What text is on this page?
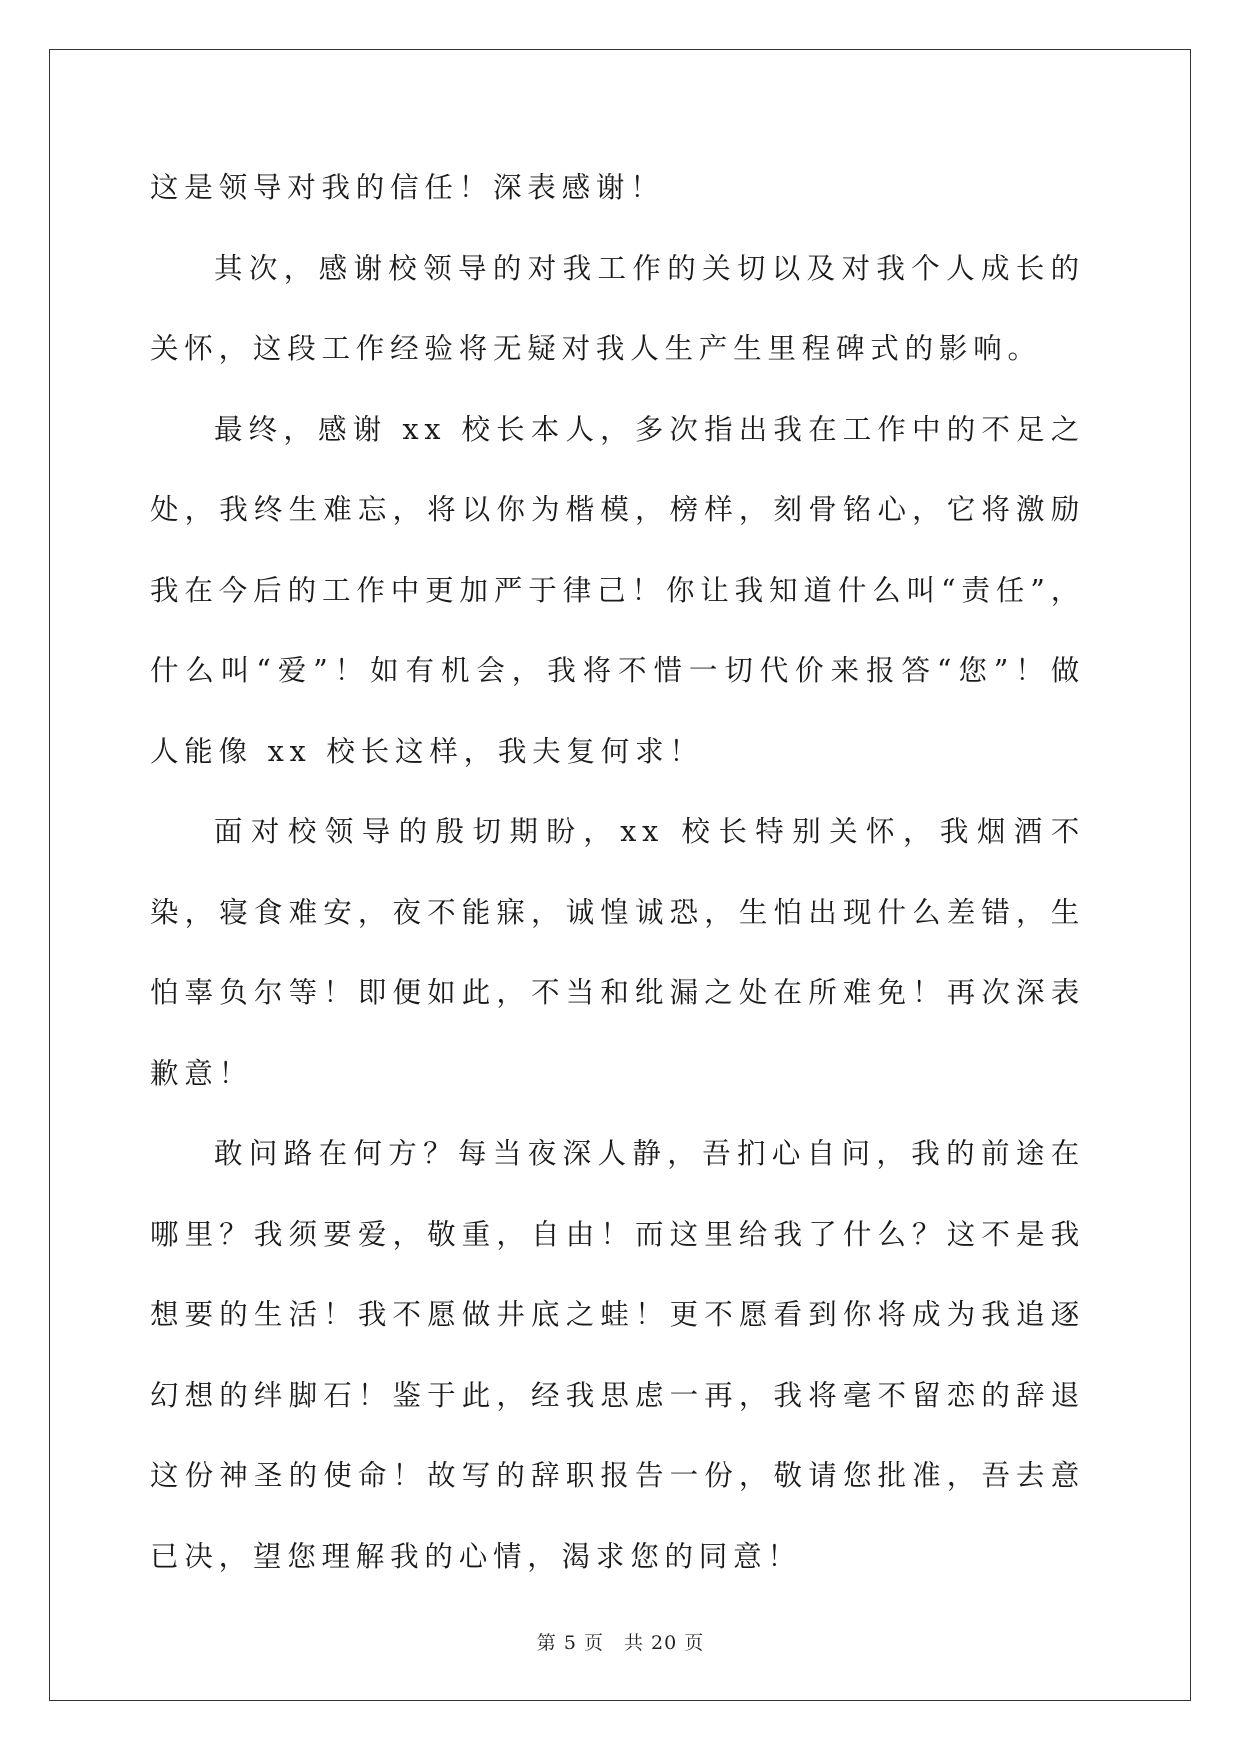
这是领导对我的信任！深表感谢！

其次，感谢校领导的对我工作的关切以及对我个人成长的关怀，这段工作经验将无疑对我人生产生里程碑式的影响。

最终，感谢 xx 校长本人，多次指出我在工作中的不足之处，我终生难忘，将以你为楷模，榜样，刻骨铭心，它将激励我在今后的工作中更加严于律己！你让我知道什么叫“责任”，什么叫“爱”！如有机会，我将不惜一切代价来报答“您”！做人能像 xx 校长这样，我夫复何求！

面对校领导的殷切期盼，xx 校长特别关怀，我烟酒不染，寝食难安，夜不能寐，诚惶诚恐，生怕出现什么差错，生怕辜负尔等！即便如此，不当和纰漏之处在所难免！再次深表歉意！

敢问路在何方？每当夜深人静，吾扪心自问，我的前途在哪里？我须要爱，敬重，自由！而这里给我了什么？这不是我想要的生活！我不愿做井底之蛙！更不愿看到你将成为我追逐幻想的绊脚石！鉴于此，经我思虑一再，我将毫不留恋的辞退这份神圣的使命！故写的辞职报告一份，敬请您批准，吾去意已决，望您理解我的心情，渴求您的同意！

第 5 页　共 20 页
